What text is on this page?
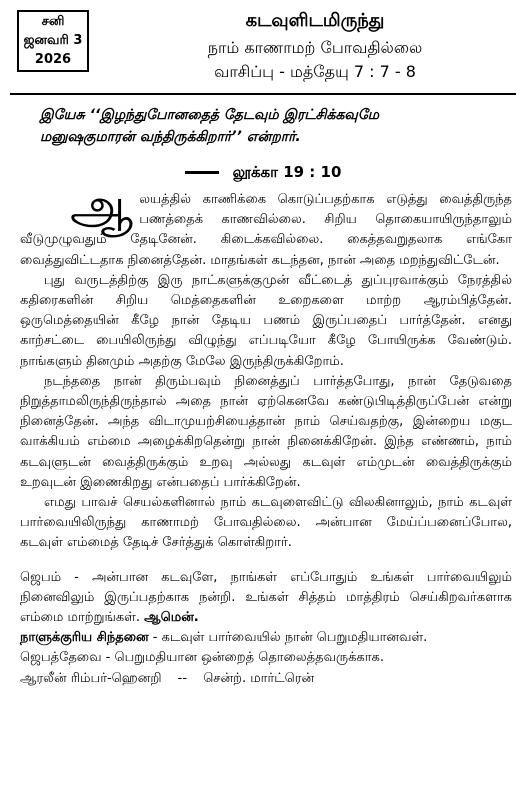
சனி
ஜனவரி 3
2026
கடவுளிடமிருந்து
நாம் காணாமற் போவதில்லை
வாசிப்பு - மத்தேயு 7 : 7 - 8
இயேசு ‘‘இழந்துபோனதைத் தேடவும் இரட்சிக்கவுமே
மனுஷகுமாரன் வந்திருக்கிறார்’’ என்றார்.
லூக்கா 19 : 10

ஆலயத்தில் காணிக்கை கொடுப்பதற்காக எடுத்து வைத்திருந்த பணத்தைக் காணவில்லை. சிறிய தொகையாயிருந்தாலும் வீடுமுழுவதும் தேடினேன். கிடைக்கவில்லை. கைத்தவறுதலாக எங்கோ வைத்துவிட்டதாக நினைத்தேன். மாதங்கள் கடந்தன, நான் அதை மறந்துவிட்டேன்.

புது வருடத்திற்கு இரு நாட்களுக்குமுன் வீட்டைத் துப்புரவாக்கும் நேரத்தில் கதிரைகளின் சிறிய மெத்தைகளின் உறைகளை மாற்ற ஆரம்பித்தேன். ஒருமெத்தையின் கீழே நான் தேடிய பணம் இருப்பதைப் பார்த்தேன். எனது காற்சட்டை பையிலிருந்து விழுந்து எப்படியோ கீழே போயிருக்க வேண்டும். நாங்களும் தினமும் அதற்கு மேலே இருந்திருக்கிறோம்.

நடந்ததை நான் திரும்பவும் நினைத்துப் பார்த்தபோது, நான் தேடுவதை நிறுத்தாமலிருந்திருந்தால் அதை நான் ஏற்கெனவே கண்டுபிடித்திருப்பேன் என்று நினைத்தேன். அந்த விடாமுயற்சியைத்தான் நாம் செய்வதற்கு, இன்றைய மகுட வாக்கியம் எம்மை அழைக்கிறதென்று நான் நினைக்கிறேன். இந்த எண்ணம், நாம் கடவுளுடன் வைத்திருக்கும் உறவு அல்லது கடவுள் எம்முடன் வைத்திருக்கும் உறவுடன் இணைகிறது என்பதைப் பார்க்கிறேன்.

எமது பாவச் செயல்களினால் நாம் கடவுளைவிட்டு விலகினாலும், நாம் கடவுள் பார்வையிலிருந்து காணாமற் போவதில்லை. அன்பான மேய்ப்பனைப்போல, கடவுள் எம்மைத் தேடிச் சேர்த்துக் கொள்கிறார்.

ஜெபம் - அன்பான கடவுளே, நாங்கள் எப்போதும் உங்கள் பார்வையிலும் நினைவிலும் இருப்பதற்காக நன்றி. உங்கள் சித்தம் மாத்திரம் செய்கிறவர்களாக எம்மை மாற்றுங்கள். ஆமென்.

நாளுக்குரிய சிந்தனை - கடவுள் பார்வையில் நான் பெறுமதியானவள்.

ஜெபத்தேவை - பெறுமதியான ஒன்றைத் தொலைத்தவருக்காக.

ஆரலீன் ரிம்பர்-ஹெனறி -- சென்ற். மார்ட்ரென்
